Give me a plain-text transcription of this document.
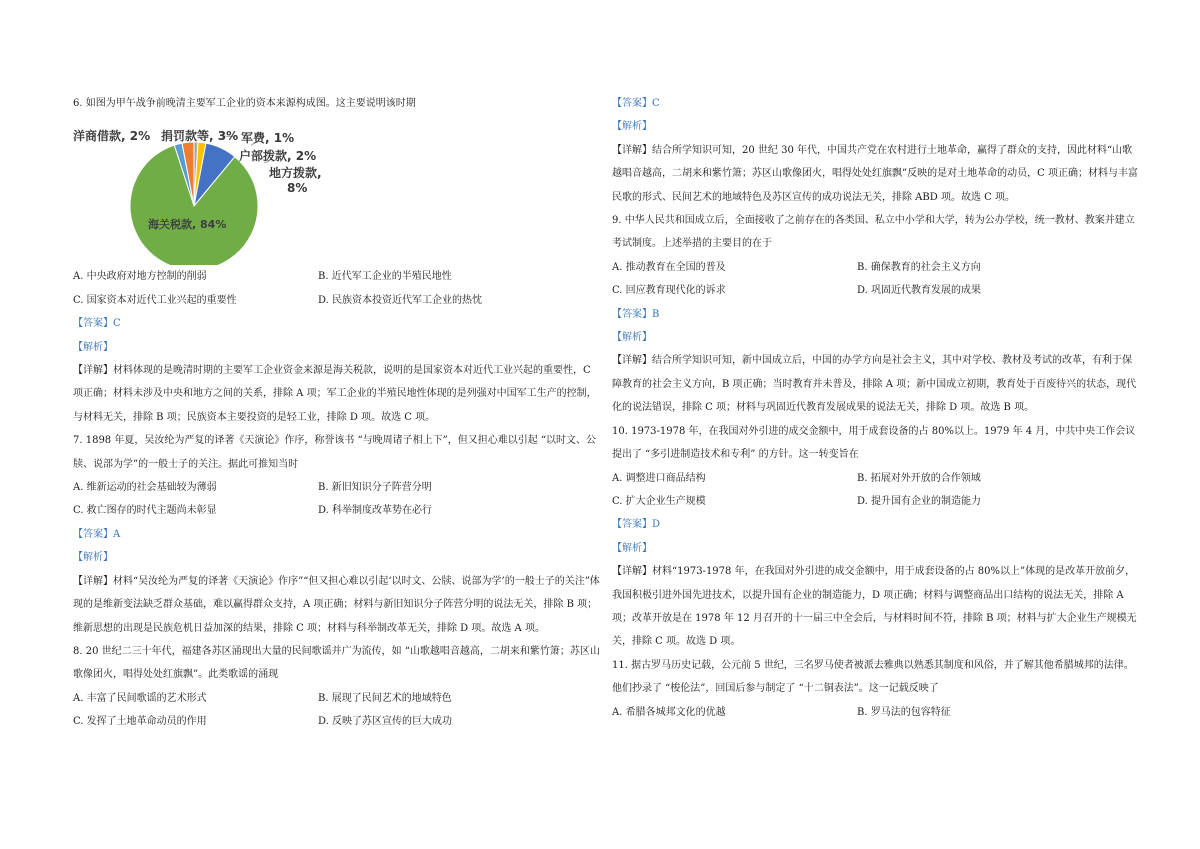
6. 如图为甲午战争前晚清主要军工企业的资本来源构成图。这主要说明该时期

海关税款, 84%
地方拨款, 8%
户部拨款, 2%
军费, 1%
捐罚款等, 3%
洋商借款, 2%

A. 中央政府对地方控制的削弱	B. 近代军工企业的半殖民地性

C. 国家资本对近代工业兴起的重要性	D. 民族资本投资近代军工企业的热忱

【答案】C

【解析】

【详解】材料体现的是晚清时期的主要军工企业资金来源是海关税款，说明的是国家资本对近代工业兴起的重要性，C 项正确；材料未涉及中央和地方之间的关系，排除 A 项；军工企业的半殖民地性体现的是列强对中国军工生产的控制，与材料无关，排除 B 项；民族资本主要投资的是轻工业，排除 D 项。故选 C 项。

7. 1898 年夏，吴汝纶为严复的译著《天演论》作序，称誉该书 “与晚周诸子相上下”，但又担心难以引起 “以时文、公牍、说部为学”的一般士子的关注。据此可推知当时

A. 维新运动的社会基础较为薄弱	B. 新旧知识分子阵营分明

C. 救亡图存的时代主题尚未彰显	D. 科举制度改革势在必行

【答案】A

【解析】

【详解】材料“吴汝纶为严复的译著《天演论》作序”“但又担心难以引起‘以时文、公牍、说部为学’的一般士子的关注”体现的是维新变法缺乏群众基础，难以赢得群众支持，A 项正确；材料与新旧知识分子阵营分明的说法无关，排除 B 项；维新思想的出现是民族危机日益加深的结果，排除 C 项；材料与科举制改革无关，排除 D 项。故选 A 项。

8. 20 世纪二三十年代，福建各苏区涌现出大量的民间歌谣并广为流传，如 “山歌越唱音越高，二胡来和紫竹箫；苏区山歌像团火，唱得处处红旗飘”。此类歌谣的涌现

A. 丰富了民间歌谣的艺术形式	B. 展现了民间艺术的地域特色

C. 发挥了土地革命动员的作用	D. 反映了苏区宣传的巨大成功

【答案】C

【解析】

【详解】结合所学知识可知，20 世纪 30 年代，中国共产党在农村进行土地革命，赢得了群众的支持，因此材料“山歌越唱音越高，二胡来和紫竹箫；苏区山歌像团火，唱得处处红旗飘”反映的是对土地革命的动员，C 项正确；材料与丰富民歌的形式、民间艺术的地域特色及苏区宣传的成功说法无关，排除 ABD 项。故选 C 项。

9. 中华人民共和国成立后，全面接收了之前存在的各类国、私立中小学和大学，转为公办学校，统一教材、教案并建立考试制度。上述举措的主要目的在于

A. 推动教育在全国的普及	B. 确保教育的社会主义方向

C. 回应教育现代化的诉求	D. 巩固近代教育发展的成果

【答案】B

【解析】

【详解】结合所学知识可知，新中国成立后，中国的办学方向是社会主义，其中对学校、教材及考试的改革，有利于保障教育的社会主义方向，B 项正确；当时教育并未普及，排除 A 项；新中国成立初期，教育处于百废待兴的状态，现代化的说法错误，排除 C 项；材料与巩固近代教育发展成果的说法无关，排除 D 项。故选 B 项。

10. 1973-1978 年，在我国对外引进的成交金额中，用于成套设备的占 80%以上。1979 年 4 月，中共中央工作会议提出了 “多引进制造技术和专利” 的方针。这一转变旨在

A. 调整进口商品结构	B. 拓展对外开放的合作领域

C. 扩大企业生产规模	D. 提升国有企业的制造能力

【答案】D

【解析】

【详解】材料“1973-1978 年，在我国对外引进的成交金额中，用于成套设备的占 80%以上”体现的是改革开放前夕，我国积极引进外国先进技术，以提升国有企业的制造能力，D 项正确；材料与调整商品出口结构的说法无关，排除 A 项；改革开放是在 1978 年 12 月召开的十一届三中全会后，与材料时间不符，排除 B 项；材料与扩大企业生产规模无关，排除 C 项。故选 D 项。

11. 据古罗马历史记载，公元前 5 世纪，三名罗马使者被派去雅典以熟悉其制度和风俗，并了解其他希腊城邦的法律。他们抄录了 “梭伦法”，回国后参与制定了 “十二铜表法”。这一记载反映了

A. 希腊各城邦文化的优越	B. 罗马法的包容特征
